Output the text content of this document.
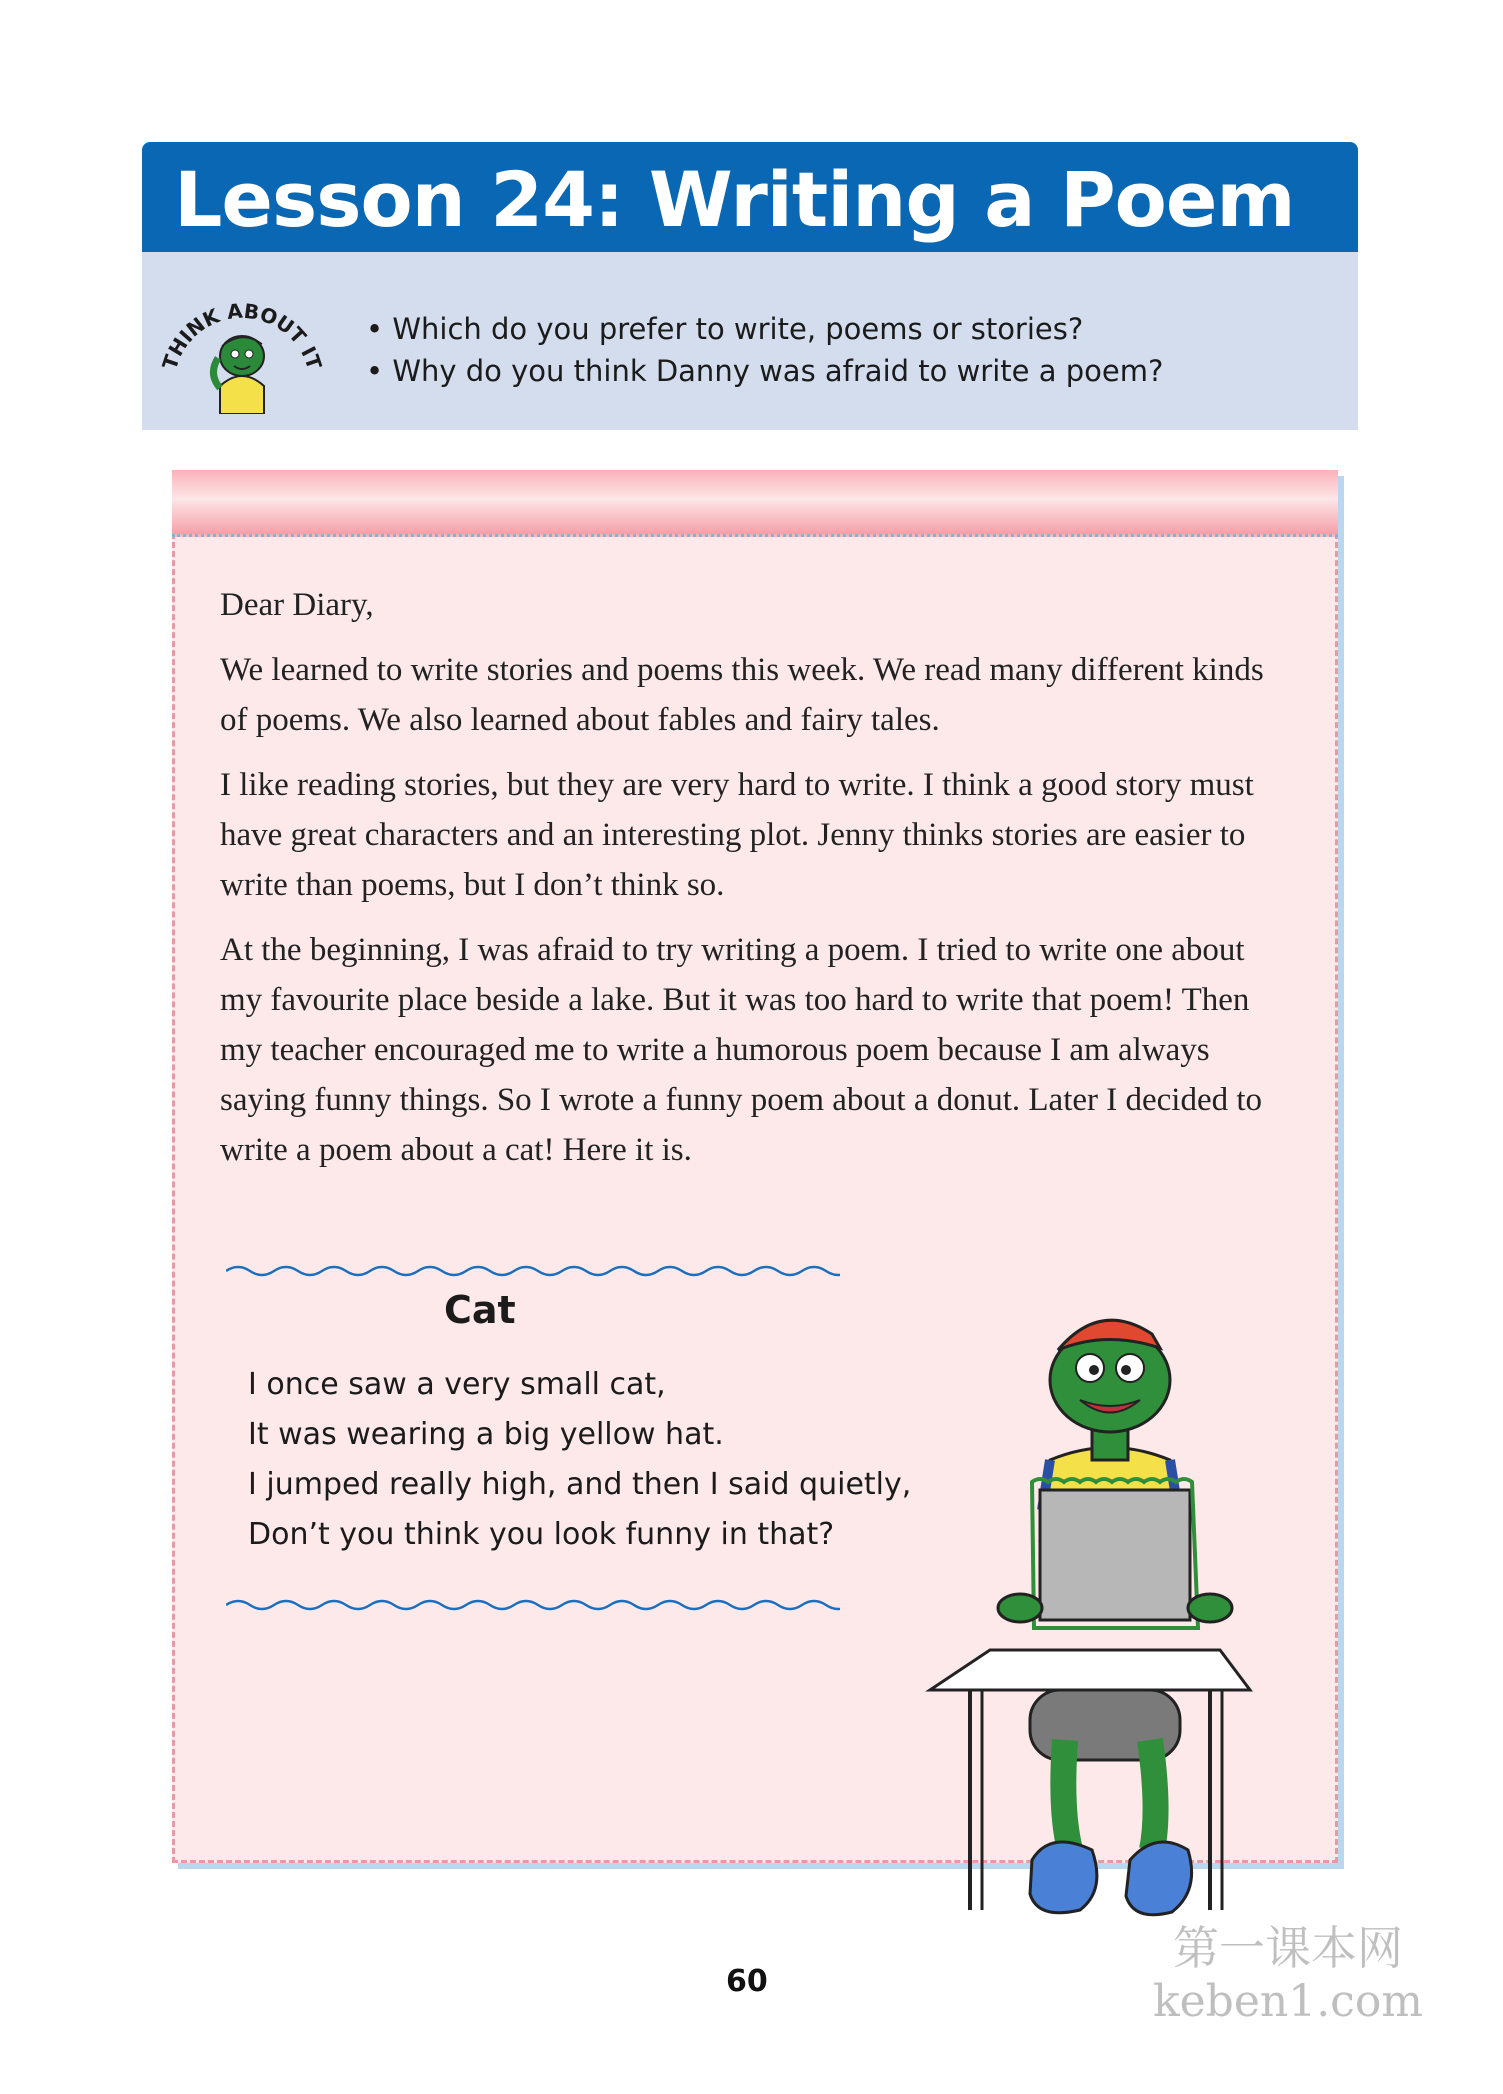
Lesson 24: Writing a Poem
THINK ABOUT IT
• Which do you prefer to write, poems or stories?
• Why do you think Danny was afraid to write a poem?

Dear Diary,

We learned to write stories and poems this week. We read many different kinds of poems. We also learned about fables and fairy tales.

I like reading stories, but they are very hard to write. I think a good story must have great characters and an interesting plot. Jenny thinks stories are easier to write than poems, but I don’t think so.

At the beginning, I was afraid to try writing a poem. I tried to write one about my favourite place beside a lake. But it was too hard to write that poem! Then my teacher encouraged me to write a humorous poem because I am always saying funny things. So I wrote a funny poem about a donut. Later I decided to write a poem about a cat! Here it is.

Cat
I once saw a very small cat,
It was wearing a big yellow hat.
I jumped really high, and then I said quietly,
Don’t you think you look funny in that?
60
第一课本网
keben1.com
